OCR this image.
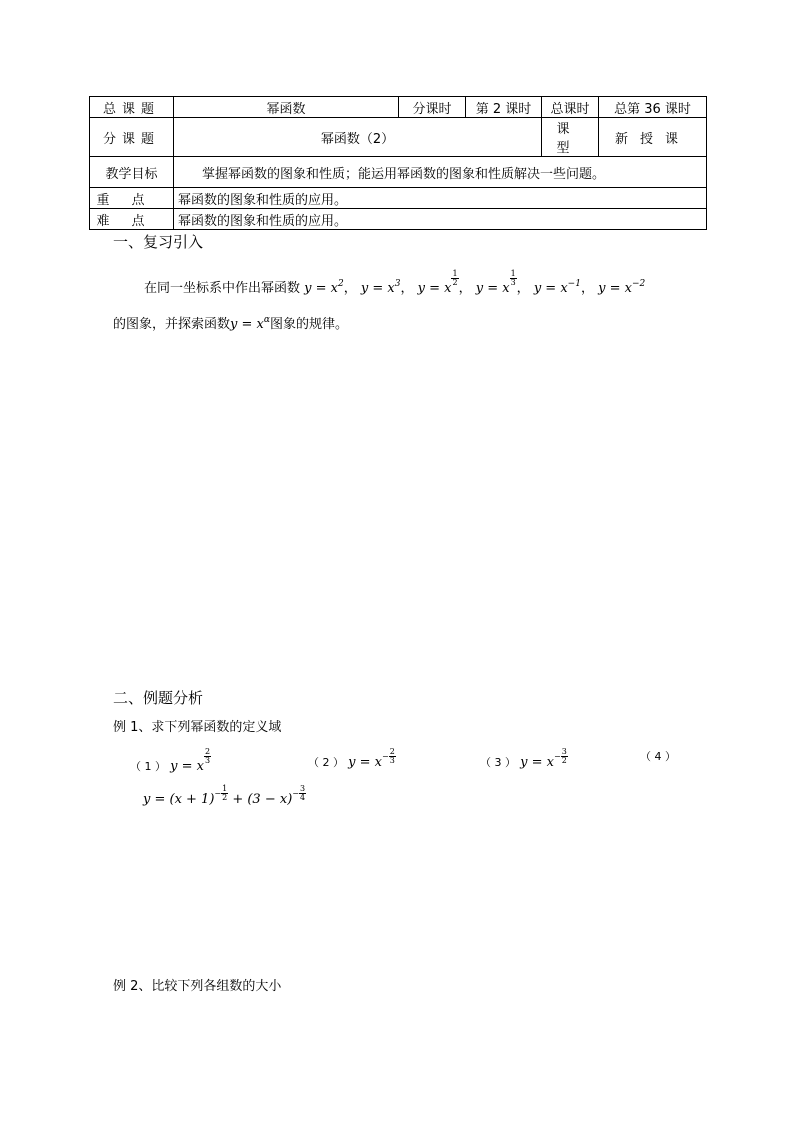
总课题	幂函数	分课时	第 2 课时	总课时	总第 36 课时
分课题	幂函数（2）			课型	新授课
教学目标	掌握幂函数的图象和性质；能运用幂函数的图象和性质解决一些问题。				
重点	幂函数的图象和性质的应用。				
难点	幂函数的图象和性质的应用。				
一、复习引入
在同一坐标系中作出幂函数 $y = x^2$， $y = x^3$， y = x
$\frac{1}{2}$
， y = x
$\frac{1}{3}$
， $y = x^{-1}$， $y = x^{-2}$
的图象，并探索函数$y = x^\alpha$图象的规律。
二、例题分析
例 1、求下列幂函数的定义域
（ 1 ） y = x
$\frac{2}{3}$	（ 2 ） $y = x- \frac{2}{3}$	（ 3 ） $y = x- \frac{3}{2}$	（ 4 ）
$y = (x + 1)- \frac{1}{2} + (3 - x)- \frac{3}{4}$
例 2、比较下列各组数的大小
